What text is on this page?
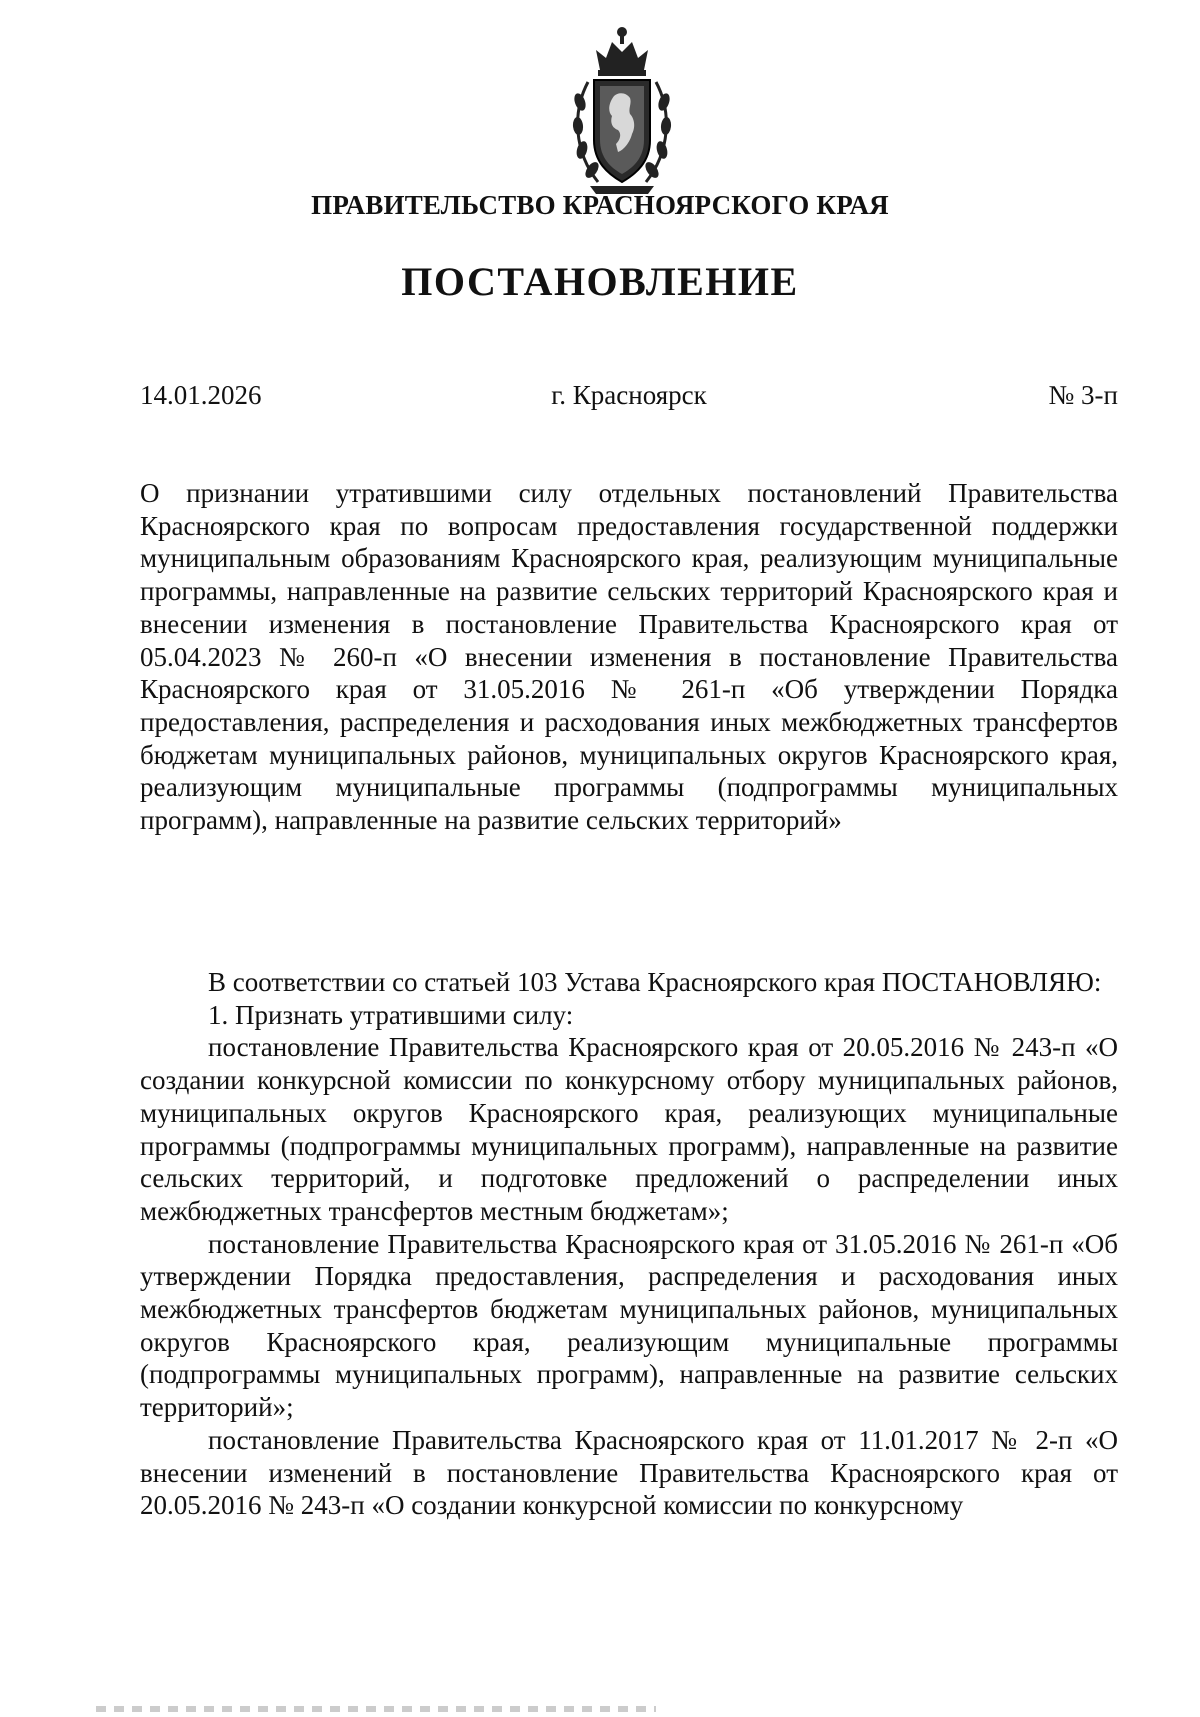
ПРАВИТЕЛЬСТВО КРАСНОЯРСКОГО КРАЯ
ПОСТАНОВЛЕНИЕ
14.01.2026	г. Красноярск	№ 3-п
О признании утратившими силу отдельных постановлений Правительства Красноярского края по вопросам предоставления государственной поддержки муниципальным образованиям Красноярского края, реализующим муниципальные программы, направленные на развитие сельских территорий Красноярского края и внесении изменения в постановление Правительства Красноярского края от 05.04.2023 № 260-п «О внесении изменения в постановление Правительства Красноярского края от 31.05.2016 № 261-п «Об утверждении Порядка предоставления, распределения и расходования иных межбюджетных трансфертов бюджетам муниципальных районов, муниципальных округов Красноярского края, реализующим муниципальные программы (подпрограммы муниципальных программ), направленные на развитие сельских территорий»

В соответствии со статьей 103 Устава Красноярского края ПОСТАНОВЛЯЮ:

1. Признать утратившими силу:

постановление Правительства Красноярского края от 20.05.2016 № 243-п «О создании конкурсной комиссии по конкурсному отбору муниципальных районов, муниципальных округов Красноярского края, реализующих муниципальные программы (подпрограммы муниципальных программ), направленные на развитие сельских территорий, и подготовке предложений о распределении иных межбюджетных трансфертов местным бюджетам»;

постановление Правительства Красноярского края от 31.05.2016 № 261-п «Об утверждении Порядка предоставления, распределения и расходования иных межбюджетных трансфертов бюджетам муниципальных районов, муниципальных округов Красноярского края, реализующим муниципальные программы (подпрограммы муниципальных программ), направленные на развитие сельских территорий»;

постановление Правительства Красноярского края от 11.01.2017 № 2-п «О внесении изменений в постановление Правительства Красноярского края от 20.05.2016 № 243-п «О создании конкурсной комиссии по конкурсному
